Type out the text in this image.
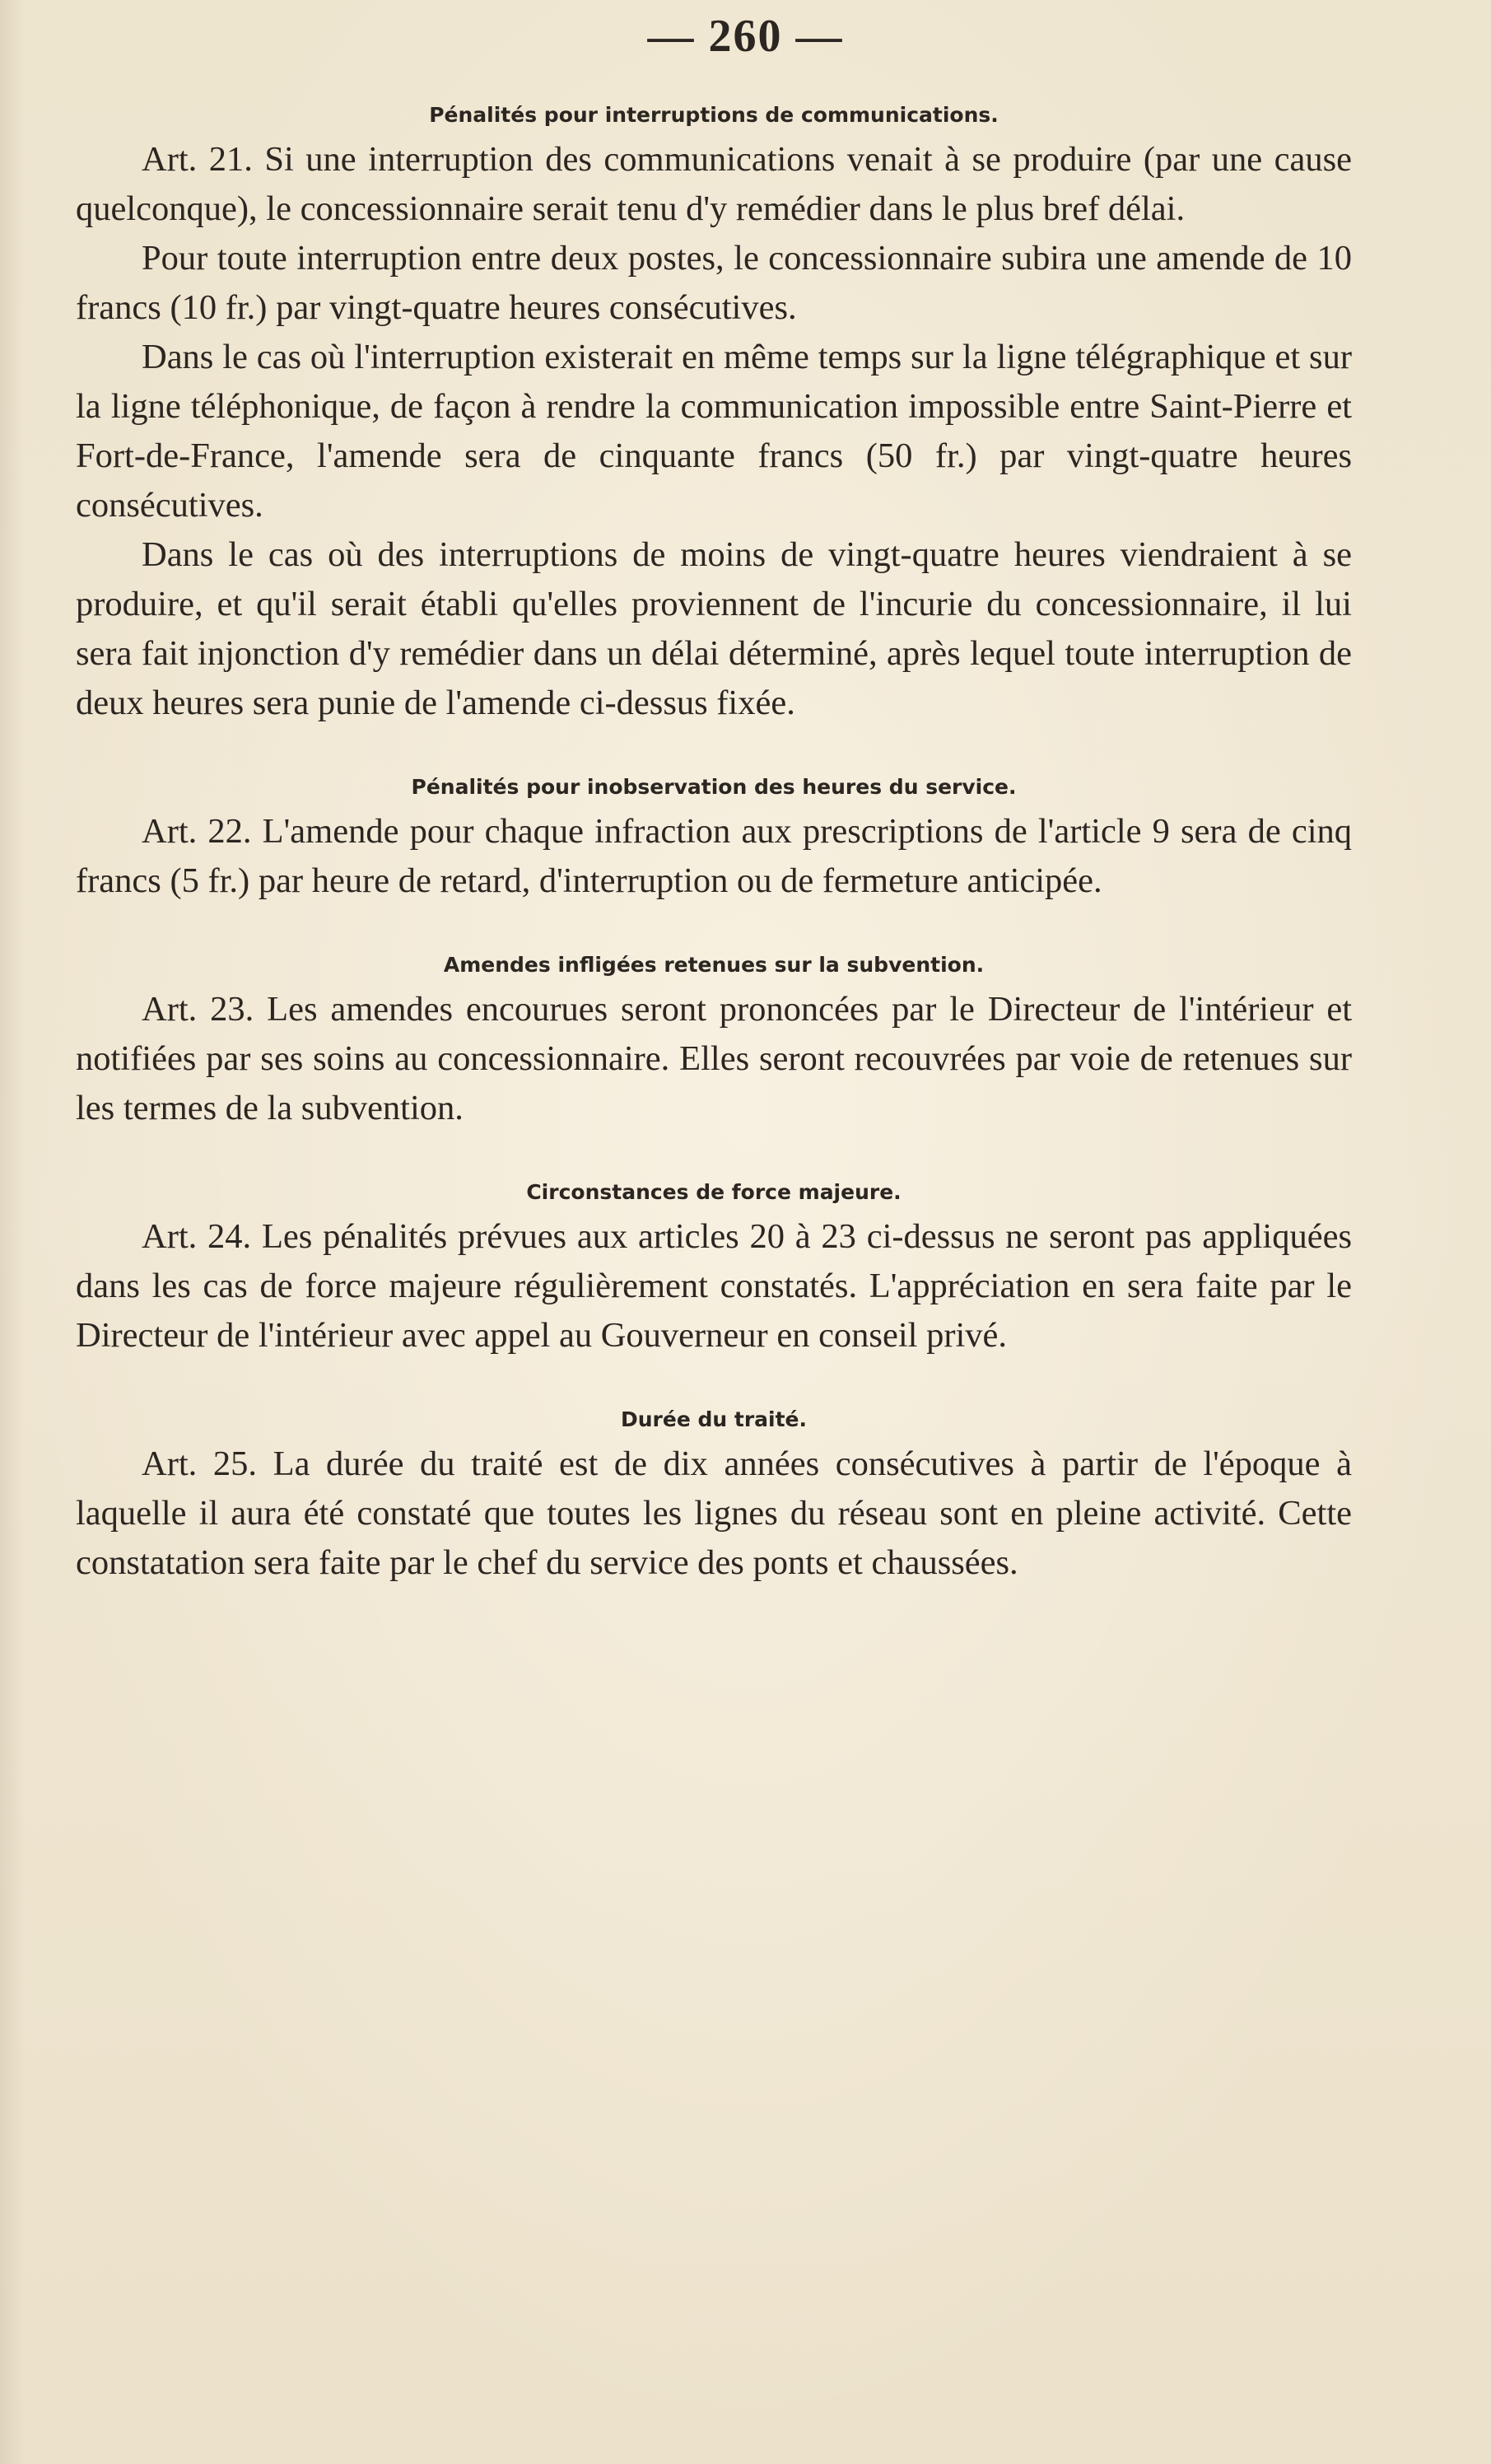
— 260 —
Pénalités pour interruptions de communications.

Art. 21. Si une interruption des communications venait à se produire (par une cause quelconque), le concessionnaire serait tenu d'y remédier dans le plus bref délai.

Pour toute interruption entre deux postes, le concessionnaire subira une amende de 10 francs (10 fr.) par vingt-quatre heures consécutives.

Dans le cas où l'interruption existerait en même temps sur la ligne télégraphique et sur la ligne téléphonique, de façon à rendre la communication impossible entre Saint-Pierre et Fort-de-France, l'amende sera de cinquante francs (50 fr.) par vingt-quatre heures consécutives.

Dans le cas où des interruptions de moins de vingt-quatre heures viendraient à se produire, et qu'il serait établi qu'elles proviennent de l'incurie du concessionnaire, il lui sera fait injonction d'y remédier dans un délai déterminé, après lequel toute interruption de deux heures sera punie de l'amende ci-dessus fixée.

Pénalités pour inobservation des heures du service.

Art. 22. L'amende pour chaque infraction aux prescriptions de l'article 9 sera de cinq francs (5 fr.) par heure de retard, d'interruption ou de fermeture anticipée.

Amendes infligées retenues sur la subvention.

Art. 23. Les amendes encourues seront prononcées par le Directeur de l'intérieur et notifiées par ses soins au concessionnaire. Elles seront recouvrées par voie de retenues sur les termes de la subvention.

Circonstances de force majeure.

Art. 24. Les pénalités prévues aux articles 20 à 23 ci-dessus ne seront pas appliquées dans les cas de force majeure régulièrement constatés. L'appréciation en sera faite par le Directeur de l'intérieur avec appel au Gouverneur en conseil privé.

Durée du traité.

Art. 25. La durée du traité est de dix années consécutives à partir de l'époque à laquelle il aura été constaté que toutes les lignes du réseau sont en pleine activité. Cette constatation sera faite par le chef du service des ponts et chaussées.
